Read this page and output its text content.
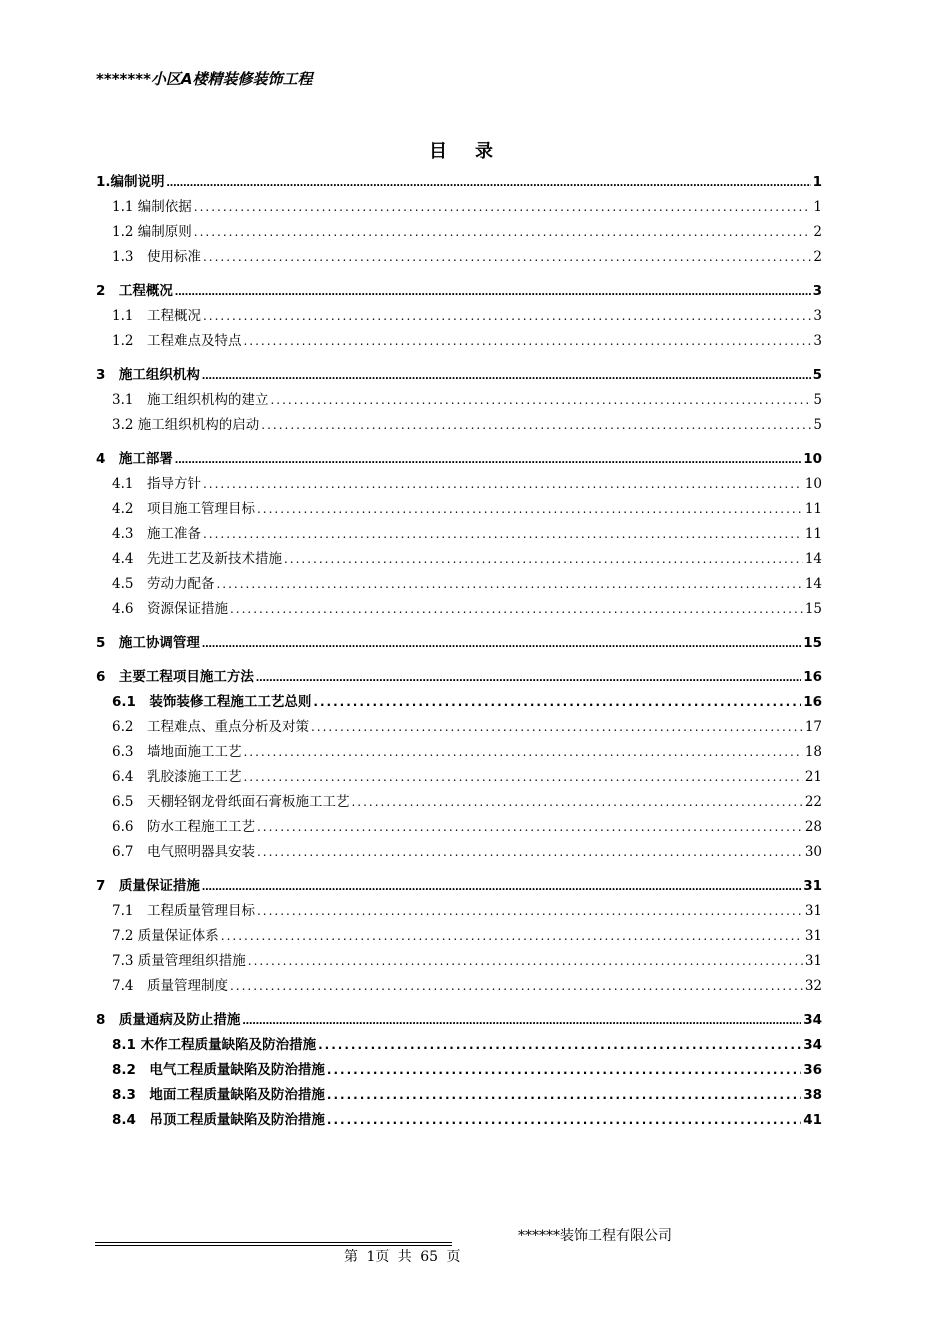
*******小区A楼精装修装饰工程
目录
1.编制说明 …………………………………………………………………………………………………………………………………………………………………………………………	1
1.1 编制依据 .....	1
1.2 编制原则 .....	2
1.3　使用标准 .....	2
2　工程概况 …………………………………………………………………………………………………………………………………………………………………………………………	3
1.1　工程概况 .....	3
1.2　工程难点及特点 .....	3
3　施工组织机构 …………………………………………………………………………………………………………………………………………………………………………………………	5
3.1　施工组织机构的建立 .....	5
3.2 施工组织机构的启动 .....	5
4　施工部署 …………………………………………………………………………………………………………………………………………………………………………………………	10
4.1　指导方针 .....	10
4.2　项目施工管理目标 .....	11
4.3　施工准备 .....	11
4.4　先进工艺及新技术措施 .....	14
4.5　劳动力配备 .....	14
4.6　资源保证措施 .....	15
5　施工协调管理 …………………………………………………………………………………………………………………………………………………………………………………………	15
6　主要工程项目施工方法 …………………………………………………………………………………………………………………………………………………………………………………………	16
6.1　装饰装修工程施工工艺总则 .....	16
6.2　工程难点、重点分析及对策 .....	17
6.3　墙地面施工工艺 .....	18
6.4　乳胶漆施工工艺 .....	21
6.5　天棚轻钢龙骨纸面石膏板施工工艺 .....	22
6.6　防水工程施工工艺 .....	28
6.7　电气照明器具安装 .....	30
7　质量保证措施 …………………………………………………………………………………………………………………………………………………………………………………………	31
7.1　工程质量管理目标 .....	31
7.2 质量保证体系 .....	31
7.3 质量管理组织措施 .....	31
7.4　质量管理制度 .....	32
8　质量通病及防止措施 …………………………………………………………………………………………………………………………………………………………………………………………	34
8.1 木作工程质量缺陷及防治措施 .....	34
8.2　电气工程质量缺陷及防治措施 .....	36
8.3　地面工程质量缺陷及防治措施 .....	38
8.4　吊顶工程质量缺陷及防治措施 .....	41
******装饰工程有限公司
第 1页 共 65 页
